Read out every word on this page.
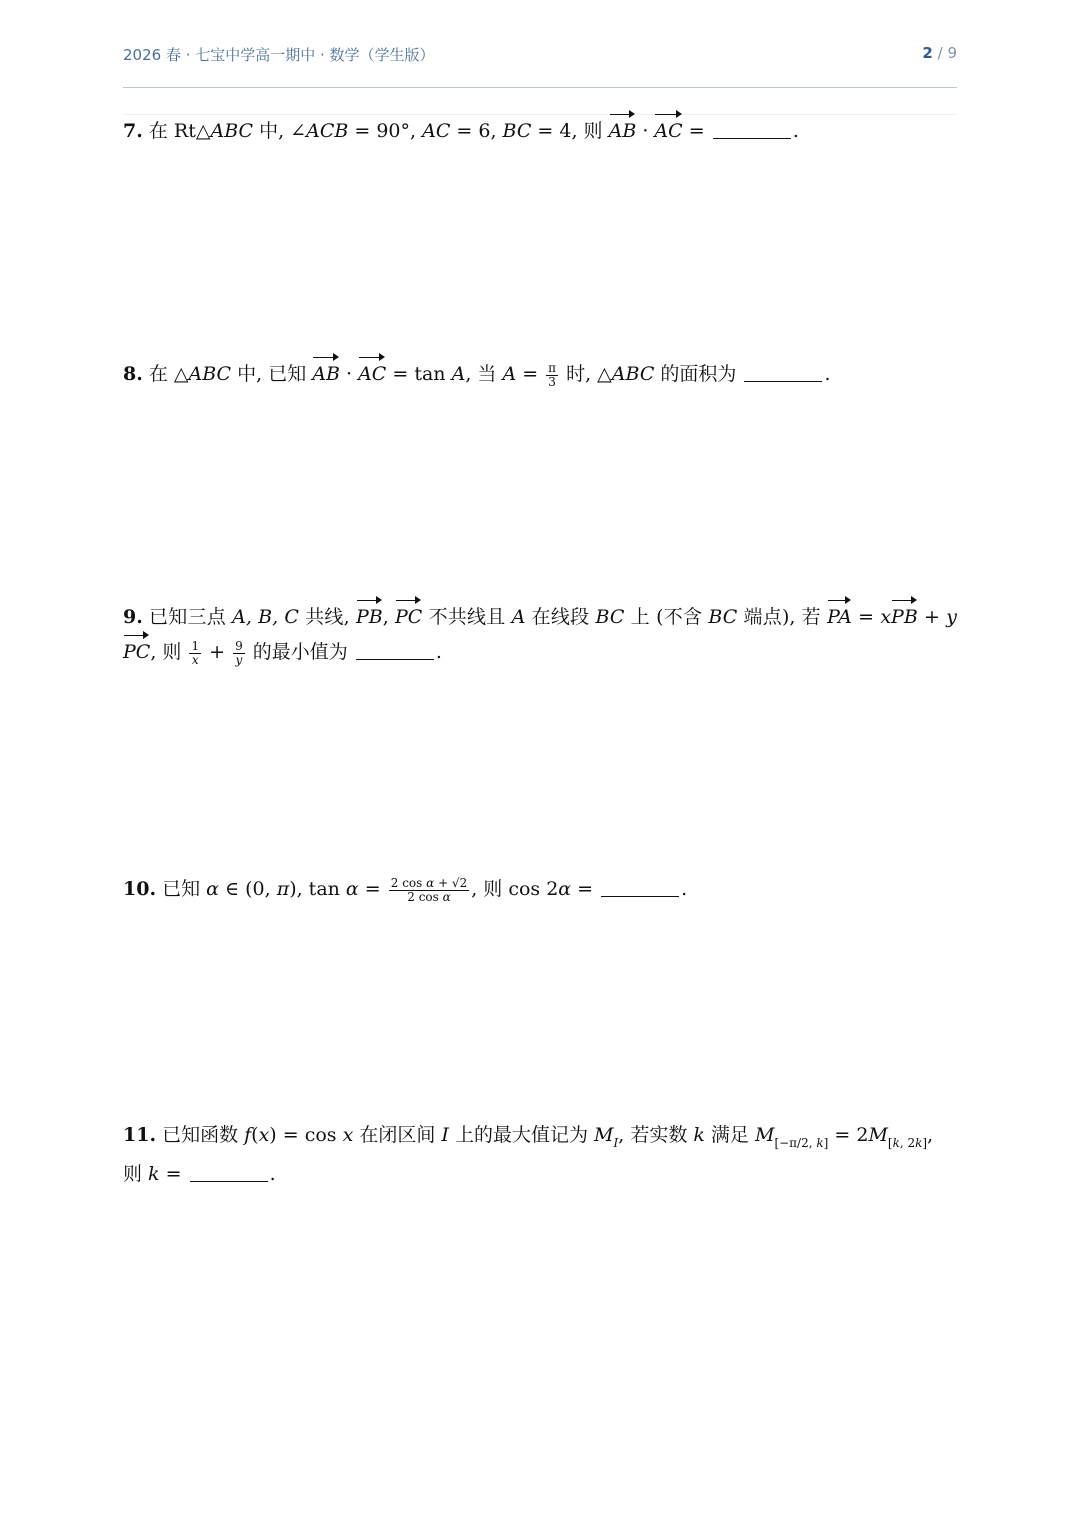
2026 春 · 七宝中学高一期中 · 数学（学生版）	2 / 9
7. 在 Rt△ABC 中, ∠ACB = 90°, AC = 6, BC = 4, 则 AB · AC =	.
8. 在 △ABC 中, 已知 AB · AC = tan A, 当 $A = \frac{\pi}{3}$ 时, △ABC 的面积为	.
9. 已知三点 A, B, C 共线, PB, PC 不共线且 A 在线段 BC 上 (不含 BC 端点), 若 PA = xPB + yPC, 则 $\frac{1}{x} + \frac{9}{y}$ 的最小值为	.
10. 已知 α ∈ (0, π), $\tan \alpha = \frac{\text{2 cos α + √2}}{\text{2 cos α}}$ , 则 cos 2α =	.
11. 已知函数 f(x) = cos x 在闭区间 I 上的最大值记为 $M_I$, 若实数 k 满足 $M_{[-\pi/2, k]} = 2M_{[k, 2k]}$, 则 k =	.
